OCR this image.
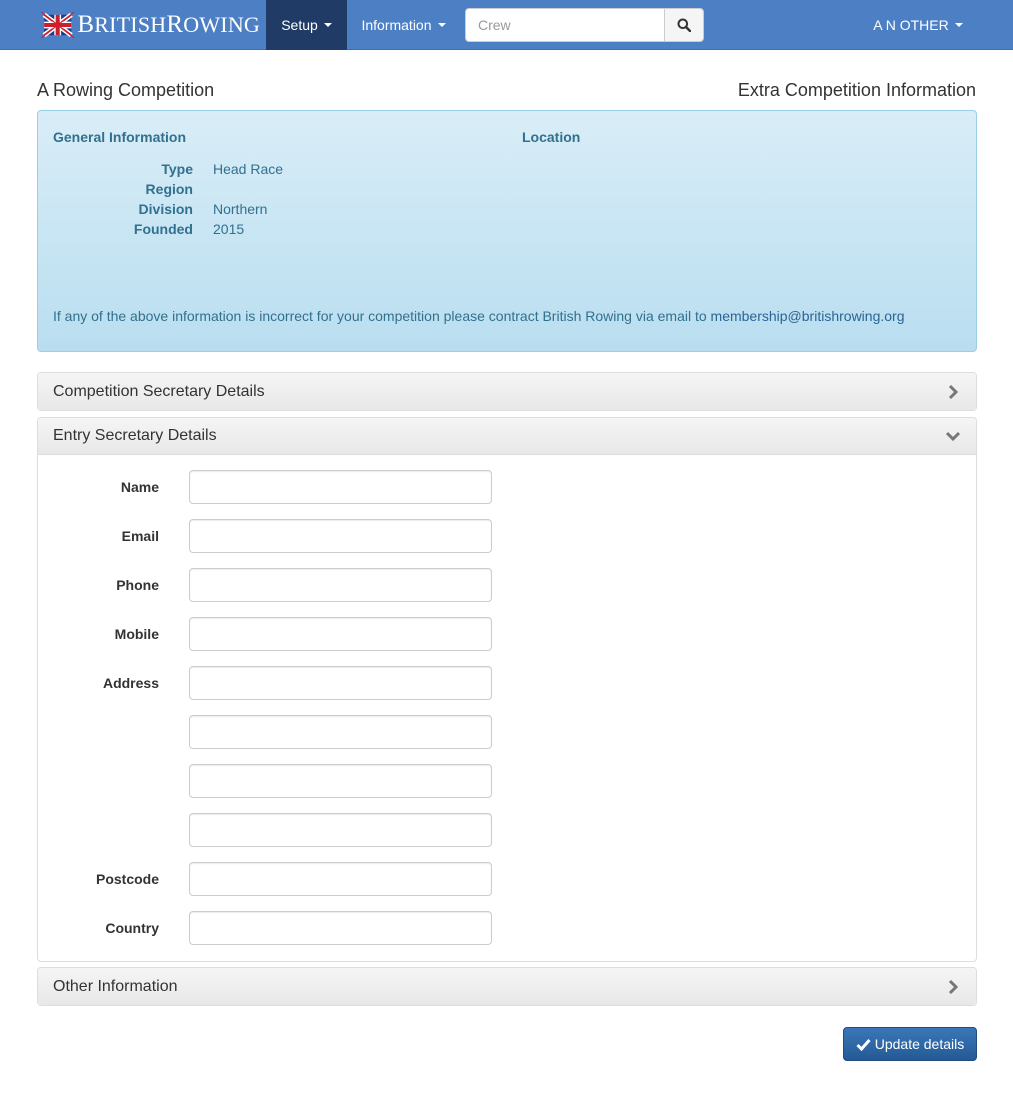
BRITISHROWING Setup	Information
Crew	A N OTHER
A Rowing Competition	Extra Competition Information
General Information	Location
Type	Head Race
Region
Division	Northern
Founded	2015
If any of the above information is incorrect for your competition please contract British Rowing via email to membership@britishrowing.org
Competition Secretary Details
Entry Secretary Details
Name
Email
Phone
Mobile
Address
Postcode
Country
Other Information
Update details
